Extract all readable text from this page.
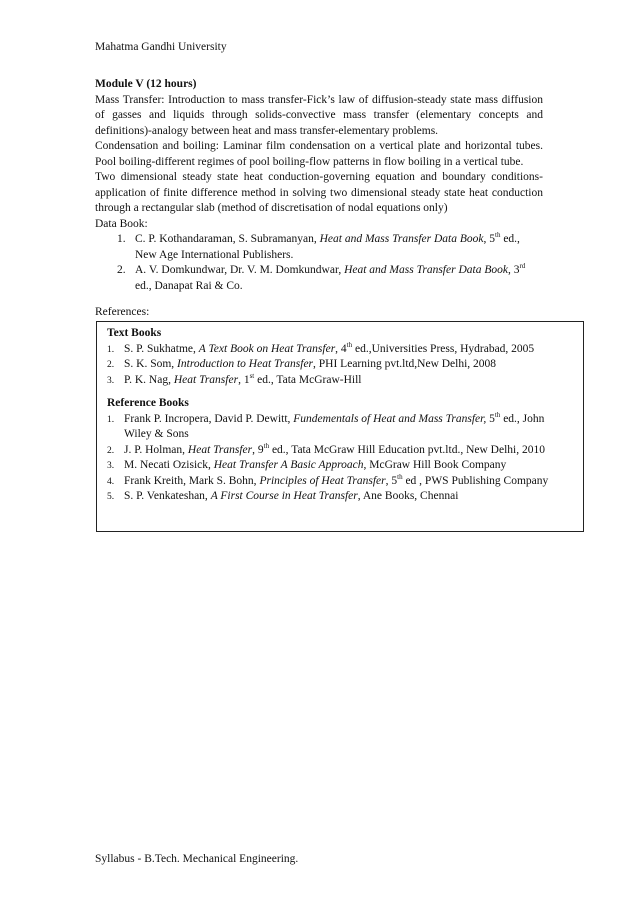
Mahatma Gandhi University
Module V (12 hours)
Mass Transfer: Introduction to mass transfer-Fick’s law of diffusion-steady state mass diffusion of gasses and liquids through solids-convective mass transfer (elementary concepts and definitions)-analogy between heat and mass transfer-elementary problems.
Condensation and boiling: Laminar film condensation on a vertical plate and horizontal tubes. Pool boiling-different regimes of pool boiling-flow patterns in flow boiling in a vertical tube.
Two dimensional steady state heat conduction-governing equation and boundary conditions-application of finite difference method in solving two dimensional steady state heat conduction through a rectangular slab (method of discretisation of nodal equations only)
Data Book:
1. C. P. Kothandaraman, S. Subramanyan, Heat and Mass Transfer Data Book, 5th ed., New Age International Publishers.
2. A. V. Domkundwar, Dr. V. M. Domkundwar, Heat and Mass Transfer Data Book, 3rd ed., Danapat Rai & Co.
References:
Text Books
1. S. P. Sukhatme, A Text Book on Heat Transfer, 4th ed.,Universities Press, Hydrabad, 2005
2. S. K. Som, Introduction to Heat Transfer, PHI Learning pvt.ltd,New Delhi, 2008
3. P. K. Nag, Heat Transfer, 1st ed., Tata McGraw-Hill
Reference Books
1. Frank P. Incropera, David P. Dewitt, Fundementals of Heat and Mass Transfer, 5th ed., John Wiley & Sons
2. J. P. Holman, Heat Transfer, 9th ed., Tata McGraw Hill Education pvt.ltd., New Delhi, 2010
3. M. Necati Ozisick, Heat Transfer A Basic Approach, McGraw Hill Book Company
4. Frank Kreith, Mark S. Bohn, Principles of Heat Transfer, 5th ed , PWS Publishing Company
5. S. P. Venkateshan, A First Course in Heat Transfer, Ane Books, Chennai
Syllabus - B.Tech. Mechanical Engineering.
